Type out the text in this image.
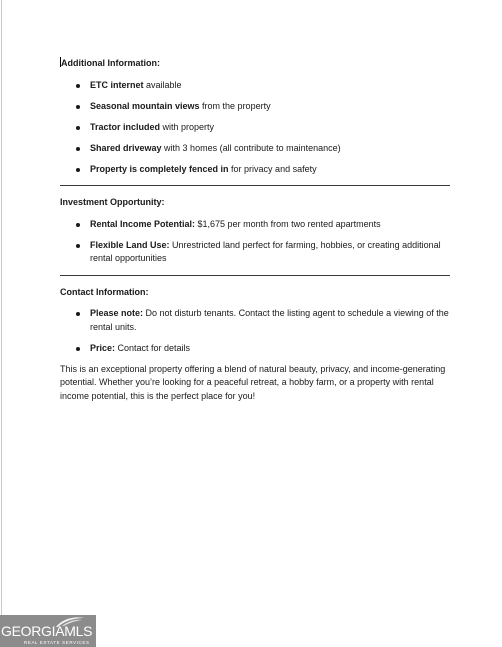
Additional Information:

ETC internet available
Seasonal mountain views from the property
Tractor included with property
Shared driveway with 3 homes (all contribute to maintenance)
Property is completely fenced in for privacy and safety

Investment Opportunity:

Rental Income Potential: $1,675 per month from two rented apartments
Flexible Land Use: Unrestricted land perfect for farming, hobbies, or creating additional rental opportunities

Contact Information:

Please note: Do not disturb tenants. Contact the listing agent to schedule a viewing of the rental units.
Price: Contact for details

This is an exceptional property offering a blend of natural beauty, privacy, and income-generating potential. Whether you’re looking for a peaceful retreat, a hobby farm, or a property with rental income potential, this is the perfect place for you!

GEORGIAMLS
REAL ESTATE SERVICES
